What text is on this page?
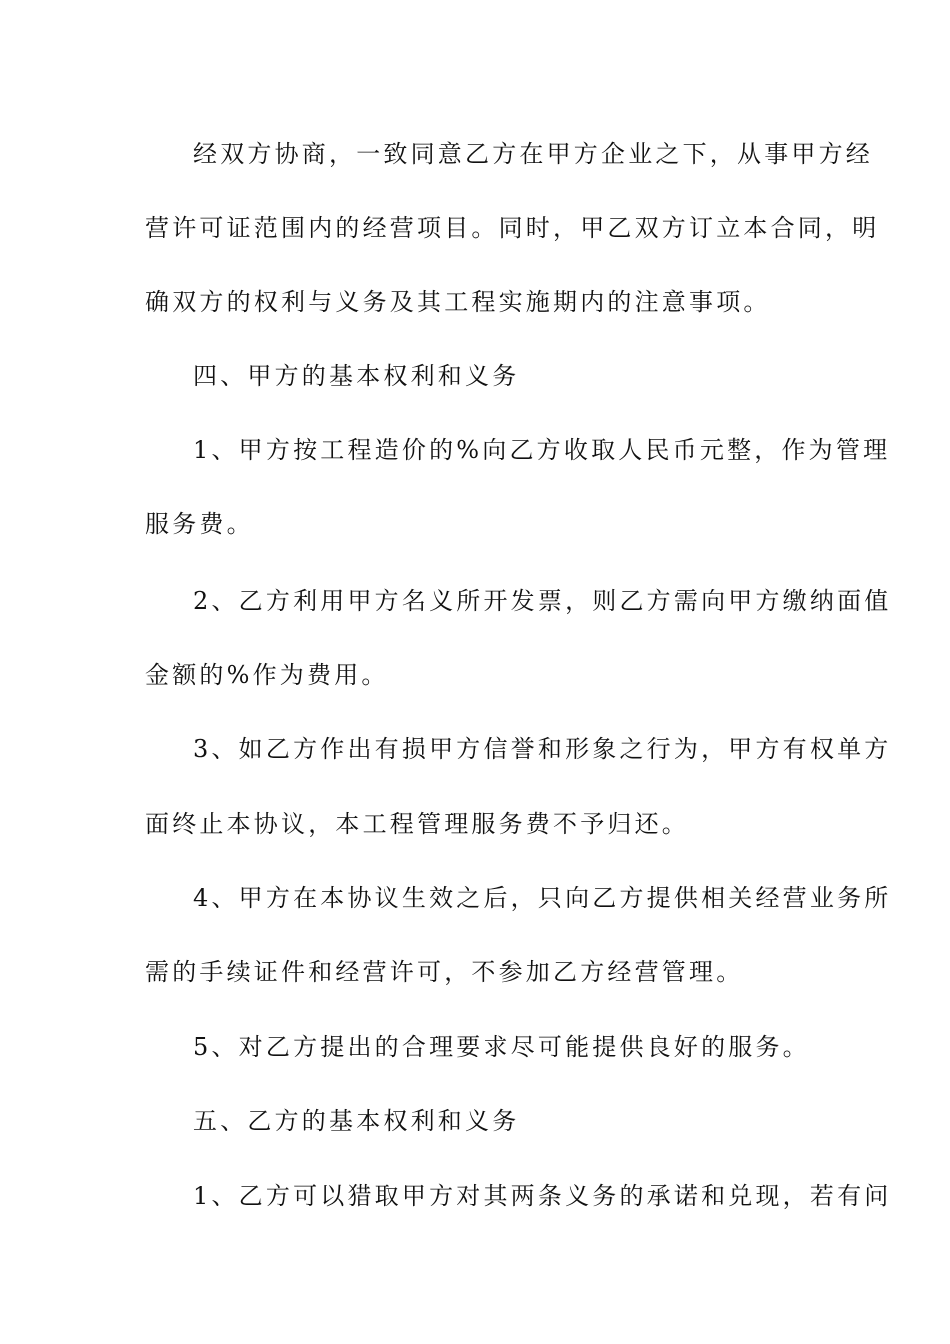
经双方协商，一致同意乙方在甲方企业之下，从事甲方经
营许可证范围内的经营项目。同时，甲乙双方订立本合同，明
确双方的权利与义务及其工程实施期内的注意事项。
四、甲方的基本权利和义务
1、甲方按工程造价的%向乙方收取人民币元整，作为管理
服务费。
2、乙方利用甲方名义所开发票，则乙方需向甲方缴纳面值
金额的%作为费用。
3、如乙方作出有损甲方信誉和形象之行为，甲方有权单方
面终止本协议，本工程管理服务费不予归还。
4、甲方在本协议生效之后，只向乙方提供相关经营业务所
需的手续证件和经营许可，不参加乙方经营管理。
5、对乙方提出的合理要求尽可能提供良好的服务。
五、乙方的基本权利和义务
1、乙方可以猎取甲方对其两条义务的承诺和兑现，若有问
